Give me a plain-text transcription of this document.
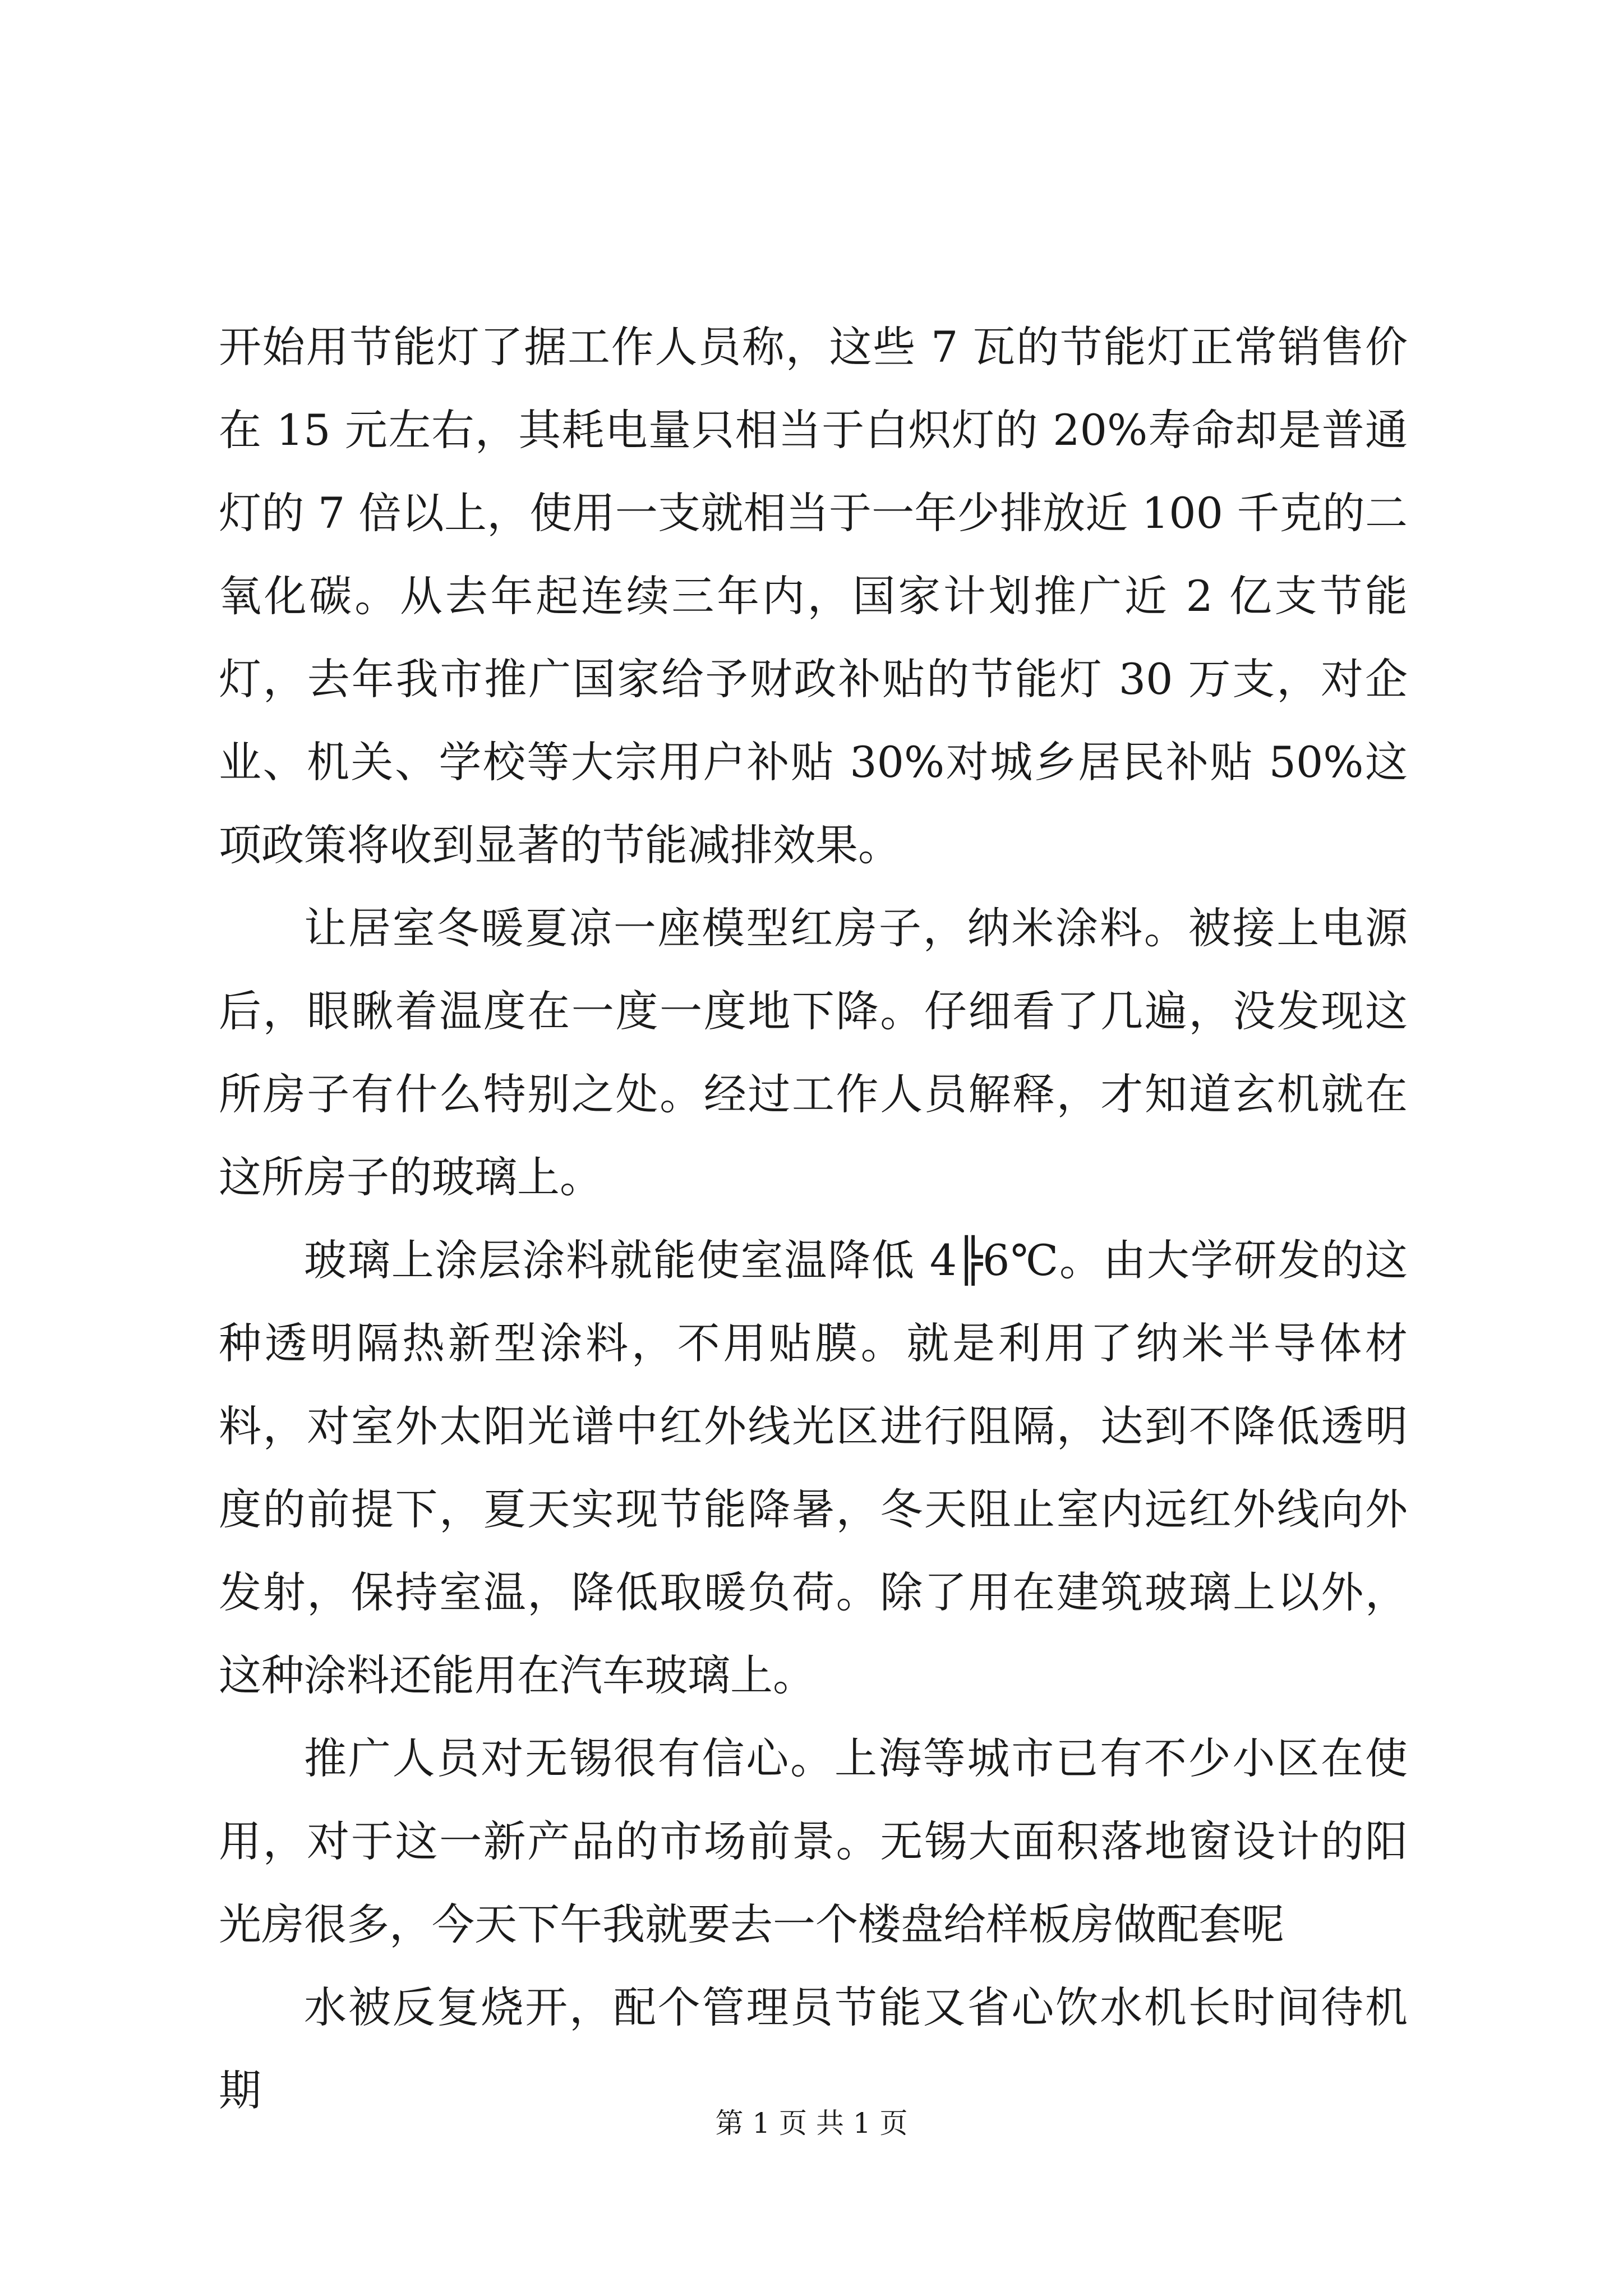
开始用节能灯了据工作人员称，这些 7 瓦的节能灯正常销售价在 15 元左右，其耗电量只相当于白炽灯的 20%寿命却是普通灯的 7 倍以上，使用一支就相当于一年少排放近 100 千克的二氧化碳。从去年起连续三年内，国家计划推广近 2 亿支节能灯，去年我市推广国家给予财政补贴的节能灯 30 万支，对企业、机关、学校等大宗用户补贴 30%对城乡居民补贴 50%这项政策将收到显著的节能减排效果。

让居室冬暖夏凉一座模型红房子，纳米涂料。被接上电源后，眼瞅着温度在一度一度地下降。仔细看了几遍，没发现这所房子有什么特别之处。经过工作人员解释，才知道玄机就在这所房子的玻璃上。

玻璃上涂层涂料就能使室温降低 4╠6℃。由大学研发的这种透明隔热新型涂料，不用贴膜。就是利用了纳米半导体材料，对室外太阳光谱中红外线光区进行阻隔，达到不降低透明度的前提下，夏天实现节能降暑，冬天阻止室内远红外线向外发射，保持室温，降低取暖负荷。除了用在建筑玻璃上以外，这种涂料还能用在汽车玻璃上。

推广人员对无锡很有信心。上海等城市已有不少小区在使用，对于这一新产品的市场前景。无锡大面积落地窗设计的阳光房很多，今天下午我就要去一个楼盘给样板房做配套呢

水被反复烧开，配个管理员节能又省心饮水机长时间待机期

第 1 页 共 1 页
